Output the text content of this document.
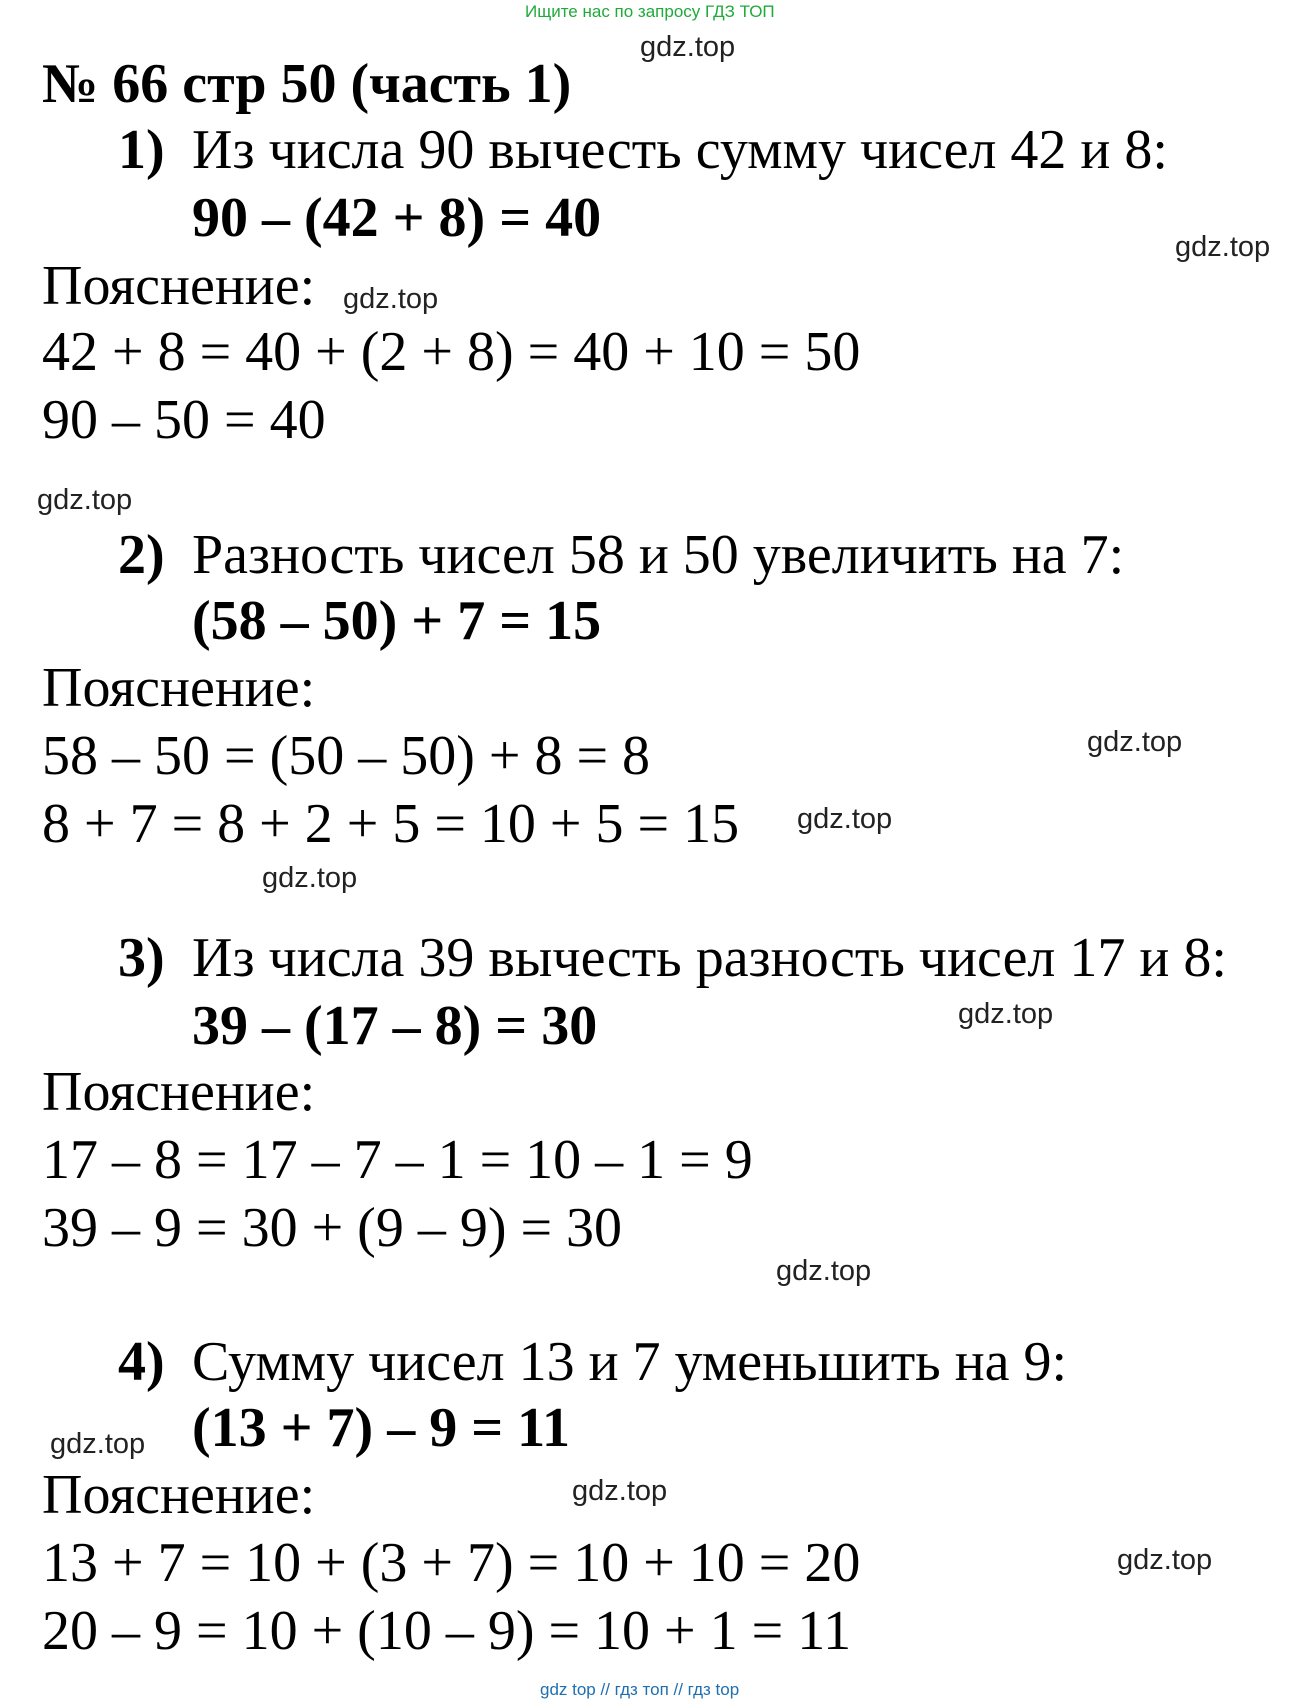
Ищите нас по запросу ГДЗ ТОП
№ 66 стр 50 (часть 1)
1) Из числа 90 вычесть сумму чисел 42 и 8:
90 – (42 + 8) = 40
Пояснение:
42 + 8 = 40 + (2 + 8) = 40 + 10 = 50
90 – 50 = 40
2) Разность чисел 58 и 50 увеличить на 7:
(58 – 50) + 7 = 15
Пояснение:
58 – 50 = (50 – 50) + 8 = 8
8 + 7 = 8 + 2 + 5 = 10 + 5 = 15
3) Из числа 39 вычесть разность чисел 17 и 8:
39 – (17 – 8) = 30
Пояснение:
17 – 8 = 17 – 7 – 1 = 10 – 1 = 9
39 – 9 = 30 + (9 – 9) = 30
4) Сумму чисел 13 и 7 уменьшить на 9:
(13 + 7) – 9 = 11
Пояснение:
13 + 7 = 10 + (3 + 7) = 10 + 10 = 20
20 – 9 = 10 + (10 – 9) = 10 + 1 = 11
gdz.top
gdz.top
gdz.top
gdz.top
gdz.top
gdz.top
gdz.top
gdz.top
gdz.top
gdz.top
gdz.top
gdz.top
gdz top // гдз топ // гдз top
